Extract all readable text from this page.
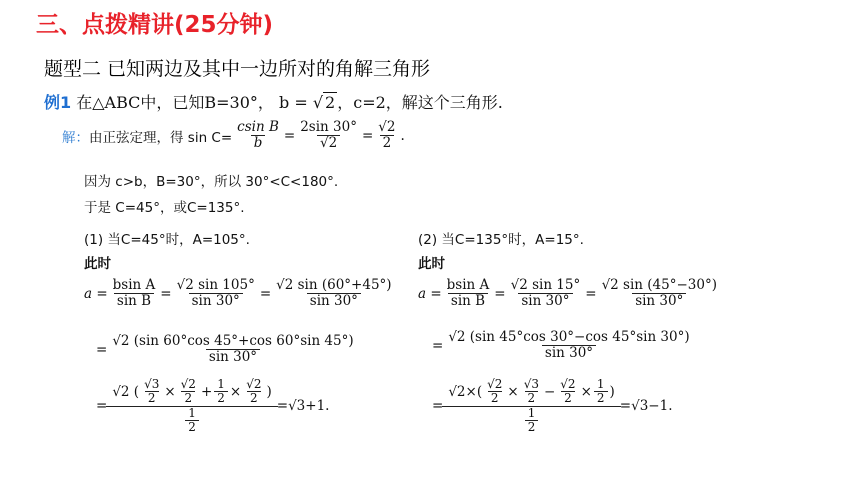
三、点拨精讲(25分钟)
题型二 已知两边及其中一边所对的角解三角形
例1 在△ABC中，已知B=30°， b = √ 2 ，c=2，解这个三角形.
解： 由正弦定理，得 $\sin C= \frac{\text{csin B}}{b} = \frac{2\sin 30^\circ}{√2} = \frac{√2}{2}$ .
因为 c>b，B=30°，所以 30°<C<180°.
于是 C=45°，或C=135°.
(1) 当C=45°时，A=105°.
此时
$a = \frac{\text{bsin A}}{\text{sin B}} = \frac{√2 \sin 105^\circ}{\sin 30^\circ} = \frac{√2 \sin (60^\circ+45^\circ)}{\sin 30^\circ}$
= $\frac{√2 (\sin 60^\circ\cos 45^\circ+\cos 60^\circ\sin 45^\circ)}{\sin 30^\circ}$
= $\frac{√2 ( \frac{√3}{2} \times \frac{√2}{2} + \frac{1}{2} \times \frac{√2}{2} )}{\frac{1}{2}} =√3+1$.
(2) 当C=135°时，A=15°.
此时
$a = \frac{\text{bsin A}}{\text{sin B}} = \frac{√2 \sin 15^\circ}{\sin 30^\circ} = \frac{√2 \sin (45^\circ-30^\circ)}{\sin 30^\circ}$
= $\frac{√2 (\sin 45^\circ\cos 30^\circ-\cos 45^\circ\sin 30^\circ)}{\sin 30^\circ}$
= $\frac{√2\times( \frac{√2}{2} \times \frac{√3}{2} - \frac{√2}{2} \times \frac{1}{2} )}{\frac{1}{2}} =√3-1$.
